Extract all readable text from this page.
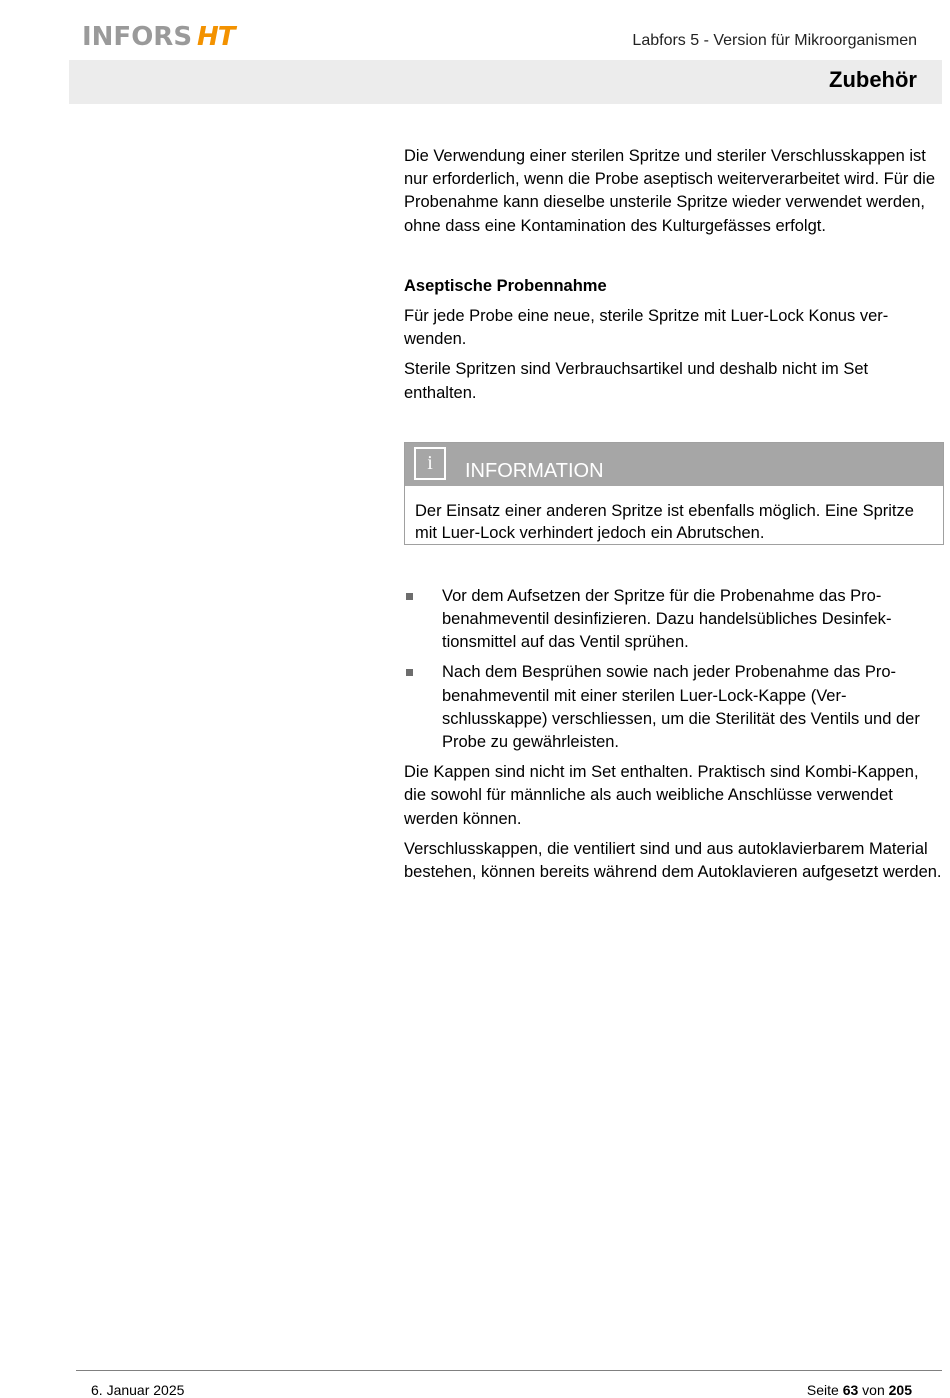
INFORS HT	Labfors 5 - Version für Mikroorganismen
Zubehör

Die Verwendung einer sterilen Spritze und steriler Verschlusskappen ist nur erforderlich, wenn die Probe aseptisch weiterverarbeitet wird. Für die Probenahme kann dieselbe unsterile Spritze wieder verwendet werden, ohne dass eine Kontamination des Kulturgefässes erfolgt.

Aseptische Probennahme

Für jede Probe eine neue, sterile Spritze mit Luer-Lock Konus verwenden.

Sterile Spritzen sind Verbrauchsartikel und deshalb nicht im Set enthalten.

i	INFORMATION
Der Einsatz einer anderen Spritze ist ebenfalls möglich. Eine Spritze mit Luer-Lock verhindert jedoch ein Abrutschen.
Vor dem Aufsetzen der Spritze für die Probenahme das Probenahmeventil desinfizieren. Dazu handelsübliches Desinfektionsmittel auf das Ventil sprühen.
Nach dem Besprühen sowie nach jeder Probenahme das Probenahmeventil mit einer sterilen Luer-Lock-Kappe (Verschlusskappe) verschliessen, um die Sterilität des Ventils und der Probe zu gewährleisten.

Die Kappen sind nicht im Set enthalten. Praktisch sind Kombi-Kappen, die sowohl für männliche als auch weibliche Anschlüsse verwendet werden können.

Verschlusskappen, die ventiliert sind und aus autoklavierbarem Material bestehen, können bereits während dem Autoklavieren aufgesetzt werden.

6. Januar 2025	Seite 63 von 205
